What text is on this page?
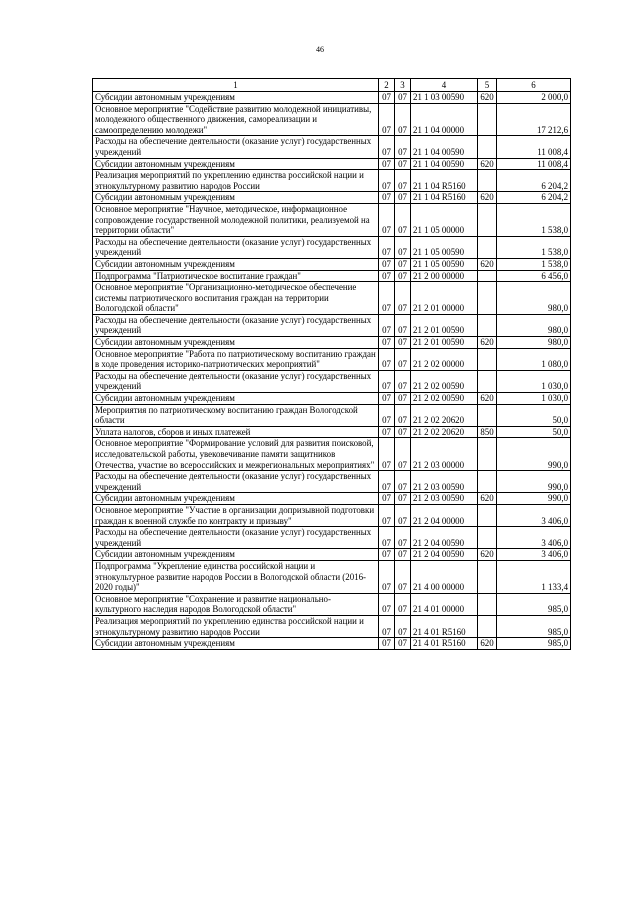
46
1	2	3	4	5	6
Субсидии автономным учреждениям	07	07	21 1 03 00590	620	2 000,0
Основное мероприятие "Содействие развитию молодежной инициативы, молодежного общественного движения, самореализации и самоопределению молодежи"	07	07	21 1 04 00000		17 212,6
Расходы на обеспечение деятельности (оказание услуг) государственных учреждений	07	07	21 1 04 00590		11 008,4
Субсидии автономным учреждениям	07	07	21 1 04 00590	620	11 008,4
Реализация мероприятий по укреплению единства российской нации и этнокультурному развитию народов России	07	07	21 1 04 R5160		6 204,2
Субсидии автономным учреждениям	07	07	21 1 04 R5160	620	6 204,2
Основное мероприятие "Научное, методическое, информационное сопровождение государственной молодежной политики, реализуемой на территории области"	07	07	21 1 05 00000		1 538,0
Расходы на обеспечение деятельности (оказание услуг) государственных учреждений	07	07	21 1 05 00590		1 538,0
Субсидии автономным учреждениям	07	07	21 1 05 00590	620	1 538,0
Подпрограмма "Патриотическое воспитание граждан"	07	07	21 2 00 00000		6 456,0
Основное мероприятие "Организационно-методическое обеспечение системы патриотического воспитания граждан на территории Вологодской области"	07	07	21 2 01 00000		980,0
Расходы на обеспечение деятельности (оказание услуг) государственных учреждений	07	07	21 2 01 00590		980,0
Субсидии автономным учреждениям	07	07	21 2 01 00590	620	980,0
Основное мероприятие "Работа по патриотическому воспитанию граждан в ходе проведения историко-патриотических мероприятий"	07	07	21 2 02 00000		1 080,0
Расходы на обеспечение деятельности (оказание услуг) государственных учреждений	07	07	21 2 02 00590		1 030,0
Субсидии автономным учреждениям	07	07	21 2 02 00590	620	1 030,0
Мероприятия по патриотическому воспитанию граждан Вологодской области	07	07	21 2 02 20620		50,0
Уплата налогов, сборов и иных платежей	07	07	21 2 02 20620	850	50,0
Основное мероприятие "Формирование условий для развития поисковой, исследовательской работы, увековечивание памяти защитников Отечества, участие во всероссийских и межрегиональных мероприятиях"	07	07	21 2 03 00000		990,0
Расходы на обеспечение деятельности (оказание услуг) государственных учреждений	07	07	21 2 03 00590		990,0
Субсидии автономным учреждениям	07	07	21 2 03 00590	620	990,0
Основное мероприятие "Участие в организации допризывной подготовки граждан к военной службе по контракту и призыву"	07	07	21 2 04 00000		3 406,0
Расходы на обеспечение деятельности (оказание услуг) государственных учреждений	07	07	21 2 04 00590		3 406,0
Субсидии автономным учреждениям	07	07	21 2 04 00590	620	3 406,0
Подпрограмма "Укрепление единства российской нации и этнокультурное развитие народов России в Вологодской области (2016-2020 годы)"	07	07	21 4 00 00000		1 133,4
Основное мероприятие "Сохранение и развитие национально-культурного наследия народов Вологодской области"	07	07	21 4 01 00000		985,0
Реализация мероприятий по укреплению единства российской нации и этнокультурному развитию народов России	07	07	21 4 01 R5160		985,0
Субсидии автономным учреждениям	07	07	21 4 01 R5160	620	985,0
